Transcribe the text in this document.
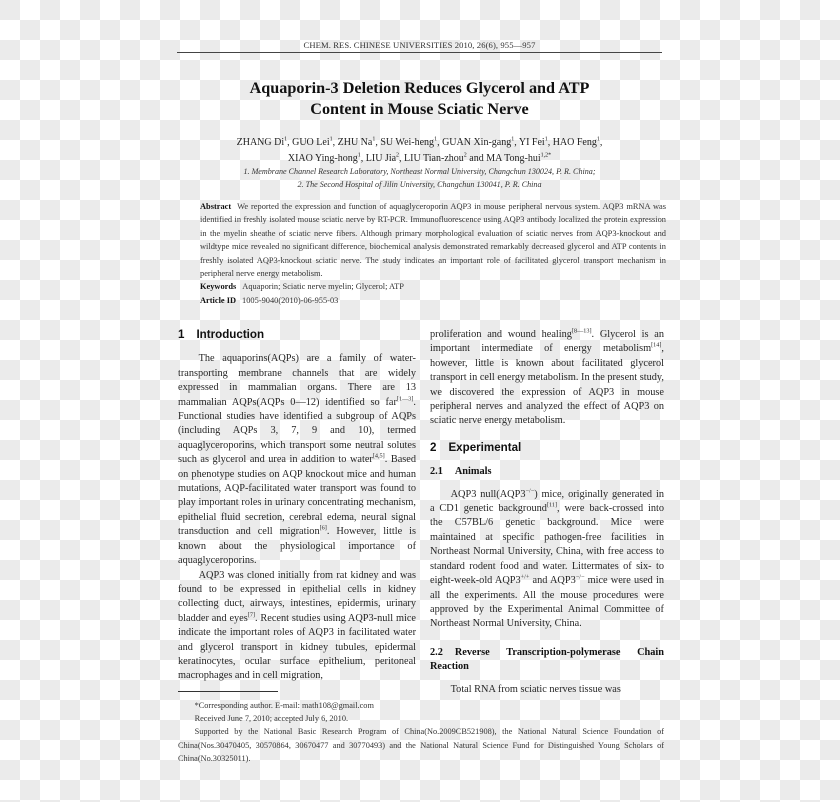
CHEM. RES. CHINESE UNIVERSITIES 2010, 26(6), 955—957
Aquaporin-3 Deletion Reduces Glycerol and ATP
Content in Mouse Sciatic Nerve
ZHANG Di$^1$, GUO Lei$^1$, ZHU Na$^1$, SU Wei-heng$^1$, GUAN Xin-gang$^1$, YI Fei$^1$, HAO Feng$^1$,
XIAO Ying-hong$^1$, LIU Jia$^2$, LIU Tian-zhou$^2$ and MA Tong-hui$^{1,2*}$
1. Membrane Channel Research Laboratory, Northeast Normal University, Changchun 130024, P. R. China;
2. The Second Hospital of Jilin University, Changchun 130041, P. R. China
Abstract We reported the expression and function of aquaglyceroporin AQP3 in mouse peripheral nervous system. AQP3 mRNA was identified in freshly isolated mouse sciatic nerve by RT-PCR. Immunofluorescence using AQP3 antibody localized the protein expression in the myelin sheathe of sciatic nerve fibers. Although primary morphological evaluation of sciatic nerves from AQP3-knockout and wildtype mice revealed no significant difference, biochemical analysis demonstrated remarkably decreased glycerol and ATP contents in freshly isolated AQP3-knockout sciatic nerve. The study indicates an important role of facilitated glycerol transport mechanism in peripheral nerve energy metabolism.
Keywords Aquaporin; Sciatic nerve myelin; Glycerol; ATP
Article ID 1005-9040(2010)-06-955-03
1 Introduction

The aquaporins(AQPs) are a family of water-transporting membrane channels that are widely expressed in mammalian organs. There are 13 mammalian AQPs(AQPs 0—12) identified so far[1—3]. Functional studies have identified a subgroup of AQPs (including AQPs 3, 7, 9 and 10), termed aquaglyceroporins, which transport some neutral solutes such as glycerol and urea in addition to water[4,5]. Based on phenotype studies on AQP knockout mice and human mutations, AQP-facilitated water transport was found to play important roles in urinary concentrating mechanism, epithelial fluid secretion, cerebral edema, neural signal transduction and cell migration[6]. However, little is known about the physiological importance of aquaglyceroporins.

AQP3 was cloned initially from rat kidney and was found to be expressed in epithelial cells in kidney collecting duct, airways, intestines, epidermis, urinary bladder and eyes[7]. Recent studies using AQP3-null mice indicate the important roles of AQP3 in facilitated water and glycerol transport in kidney tubules, epidermal keratinocytes, ocular surface epithelium, peritoneal macrophages and in cell migration,

proliferation and wound healing[8—13]. Glycerol is an important intermediate of energy metabolism[14], however, little is known about facilitated glycerol transport in cell energy metabolism. In the present study, we discovered the expression of AQP3 in mouse peripheral nerves and analyzed the effect of AQP3 on sciatic nerve energy metabolism.

2 Experimental
2.1 Animals

AQP3 null(AQP3−/−) mice, originally generated in a CD1 genetic background[11], were back-crossed into the C57BL/6 genetic background. Mice were maintained at specific pathogen-free facilities in Northeast Normal University, China, with free access to standard rodent food and water. Littermates of six- to eight-week-old AQP3+/+ and AQP3−/− mice were used in all the experiments. All the mouse procedures were approved by the Experimental Animal Committee of Northeast Normal University, China.

2.2 Reverse Transcription-polymerase Chain Reaction

Total RNA from sciatic nerves tissue was

*Corresponding author. E-mail: math108@gmail.com

Received June 7, 2010; accepted July 6, 2010.

Supported by the National Basic Research Program of China(No.2009CB521908), the National Natural Science Foundation of China(Nos.30470405, 30570864, 30670477 and 30770493) and the National Natural Science Fund for Distinguished Young Scholars of China(No.30325011).
